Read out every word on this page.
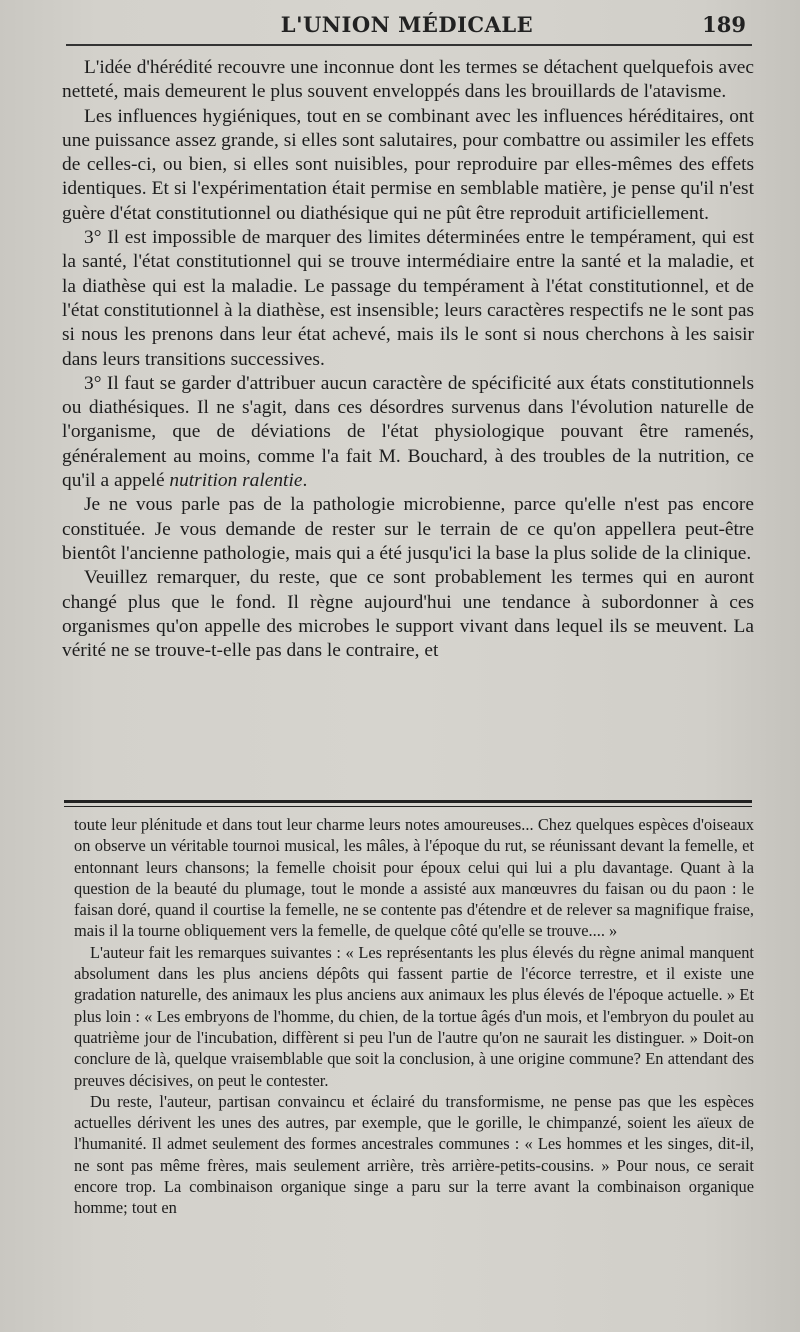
L'UNION MÉDICALE	189

L'idée d'hérédité recouvre une inconnue dont les termes se détachent quelquefois avec netteté, mais demeurent le plus souvent enveloppés dans les brouillards de l'atavisme.

Les influences hygiéniques, tout en se combinant avec les influences héréditaires, ont une puissance assez grande, si elles sont salutaires, pour combattre ou assimiler les effets de celles-ci, ou bien, si elles sont nuisibles, pour reproduire par elles-mêmes des effets identiques. Et si l'expérimentation était permise en semblable matière, je pense qu'il n'est guère d'état constitutionnel ou diathésique qui ne pût être reproduit artificiellement.

3° Il est impossible de marquer des limites déterminées entre le tempérament, qui est la santé, l'état constitutionnel qui se trouve intermédiaire entre la santé et la maladie, et la diathèse qui est la maladie. Le passage du tempérament à l'état constitutionnel, et de l'état constitutionnel à la diathèse, est insensible; leurs caractères respectifs ne le sont pas si nous les prenons dans leur état achevé, mais ils le sont si nous cherchons à les saisir dans leurs transitions successives.

3° Il faut se garder d'attribuer aucun caractère de spécificité aux états constitutionnels ou diathésiques. Il ne s'agit, dans ces désordres survenus dans l'évolution naturelle de l'organisme, que de déviations de l'état physiologique pouvant être ramenés, généralement au moins, comme l'a fait M. Bouchard, à des troubles de la nutrition, ce qu'il a appelé nutrition ralentie.

Je ne vous parle pas de la pathologie microbienne, parce qu'elle n'est pas encore constituée. Je vous demande de rester sur le terrain de ce qu'on appellera peut-être bientôt l'ancienne pathologie, mais qui a été jusqu'ici la base la plus solide de la clinique.

Veuillez remarquer, du reste, que ce sont probablement les termes qui en auront changé plus que le fond. Il règne aujourd'hui une tendance à subordonner à ces organismes qu'on appelle des microbes le support vivant dans lequel ils se meuvent. La vérité ne se trouve-t-elle pas dans le contraire, et

toute leur plénitude et dans tout leur charme leurs notes amoureuses... Chez quelques espèces d'oiseaux on observe un véritable tournoi musical, les mâles, à l'époque du rut, se réunissant devant la femelle, et entonnant leurs chansons; la femelle choisit pour époux celui qui lui a plu davantage. Quant à la question de la beauté du plumage, tout le monde a assisté aux manœuvres du faisan ou du paon : le faisan doré, quand il courtise la femelle, ne se contente pas d'étendre et de relever sa magnifique fraise, mais il la tourne obliquement vers la femelle, de quelque côté qu'elle se trouve.... »

L'auteur fait les remarques suivantes : « Les représentants les plus élevés du règne animal manquent absolument dans les plus anciens dépôts qui fassent partie de l'écorce terrestre, et il existe une gradation naturelle, des animaux les plus anciens aux animaux les plus élevés de l'époque actuelle. » Et plus loin : « Les embryons de l'homme, du chien, de la tortue âgés d'un mois, et l'embryon du poulet au quatrième jour de l'incubation, diffèrent si peu l'un de l'autre qu'on ne saurait les distinguer. » Doit-on conclure de là, quelque vraisemblable que soit la conclusion, à une origine commune? En attendant des preuves décisives, on peut le contester.

Du reste, l'auteur, partisan convaincu et éclairé du transformisme, ne pense pas que les espèces actuelles dérivent les unes des autres, par exemple, que le gorille, le chimpanzé, soient les aïeux de l'humanité. Il admet seulement des formes ancestrales communes : « Les hommes et les singes, dit-il, ne sont pas même frères, mais seulement arrière, très arrière-petits-cousins. » Pour nous, ce serait encore trop. La combinaison organique singe a paru sur la terre avant la combinaison organique homme; tout en
